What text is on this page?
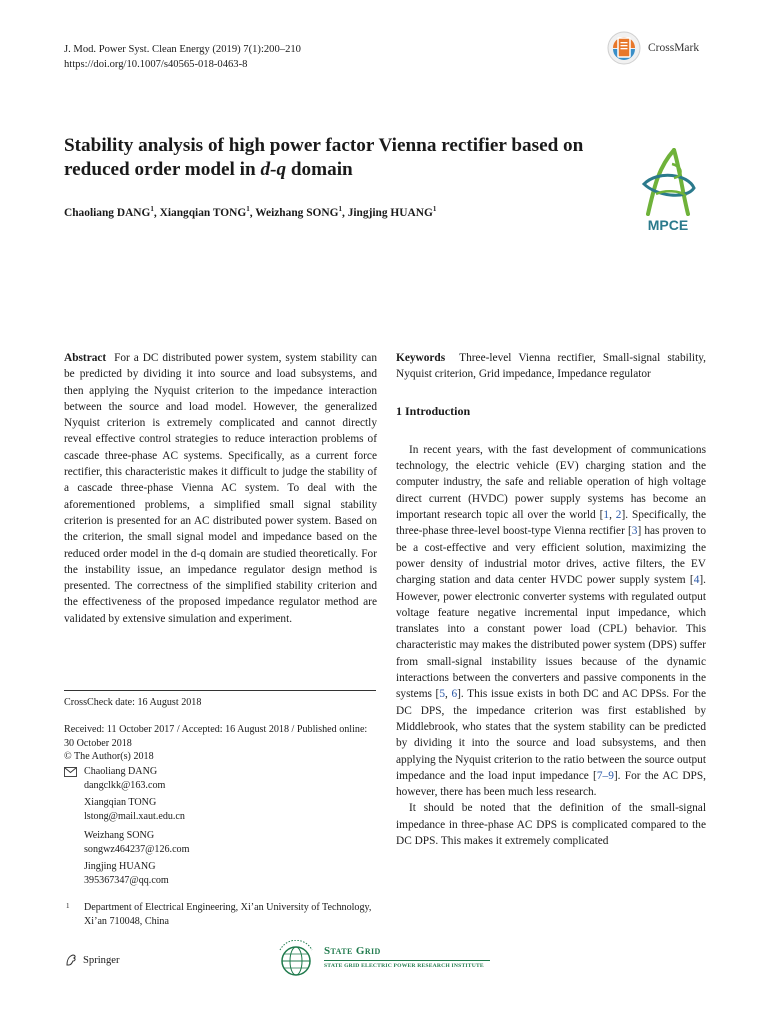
J. Mod. Power Syst. Clean Energy (2019) 7(1):200–210
https://doi.org/10.1007/s40565-018-0463-8
CrossMark
Stability analysis of high power factor Vienna rectifier based on reduced order model in d-q domain
Chaoliang DANG$^1$, Xiangqian TONG$^1$, Weizhang SONG$^1$, Jingjing HUANG$^1$
MPCE

Abstract For a DC distributed power system, system stability can be predicted by dividing it into source and load subsystems, and then applying the Nyquist criterion to the impedance interaction between the source and load model. However, the generalized Nyquist criterion is extremely complicated and cannot directly reveal effective control strategies to reduce interaction problems of cascade three-phase AC systems. Specifically, as a current force rectifier, this characteristic makes it difficult to judge the stability of a cascade three-phase Vienna AC system. To deal with the aforementioned problems, a simplified small signal stability criterion is presented for an AC distributed power system. Based on the criterion, the small signal model and impedance based on the reduced order model in the d-q domain are studied theoretically. For the instability issue, an impedance regulator design method is presented. The correctness of the simplified stability criterion and the effectiveness of the proposed impedance regulator method are validated by extensive simulation and experiment.

CrossCheck date: 16 August 2018

Received: 11 October 2017 / Accepted: 16 August 2018 / Published online: 30 October 2018

© The Author(s) 2018

Chaoliang DANG

dangclkk@163.com

Xiangqian TONG

lstong@mail.xaut.edu.cn

Weizhang SONG

songwz464237@126.com

Jingjing HUANG

395367347@qq.com

1 Department of Electrical Engineering, Xi’an University of Technology, Xi’an 710048, China

Keywords Three-level Vienna rectifier, Small-signal stability, Nyquist criterion, Grid impedance, Impedance regulator

1 Introduction

In recent years, with the fast development of communications technology, the electric vehicle (EV) charging station and the computer industry, the safe and reliable operation of high voltage direct current (HVDC) power supply systems has become an important research topic all over the world [1, 2]. Specifically, the three-phase three-level boost-type Vienna rectifier [3] has proven to be a cost-effective and very efficient solution, maximizing the power density of industrial motor drives, active filters, the EV charging station and data center HVDC power supply system [4]. However, power electronic converter systems with regulated output voltage feature negative incremental input impedance, which translates into a constant power load (CPL) behavior. This characteristic may makes the distributed power system (DPS) suffer from small-signal instability issues because of the dynamic interactions between the converters and passive components in the systems [5, 6]. This issue exists in both DC and AC DPSs. For the DC DPS, the impedance criterion was first established by Middlebrook, who states that the system stability can be predicted by dividing it into the source and load subsystems, and then applying the Nyquist criterion to the ratio between the source output impedance and the load input impedance [7–9]. For the AC DPS, however, there has been much less research.

It should be noted that the definition of the small-signal impedance in three-phase AC DPS is complicated compared to the DC DPS. This makes it extremely complicated

Springer
State Grid
STATE GRID ELECTRIC POWER RESEARCH INSTITUTE
